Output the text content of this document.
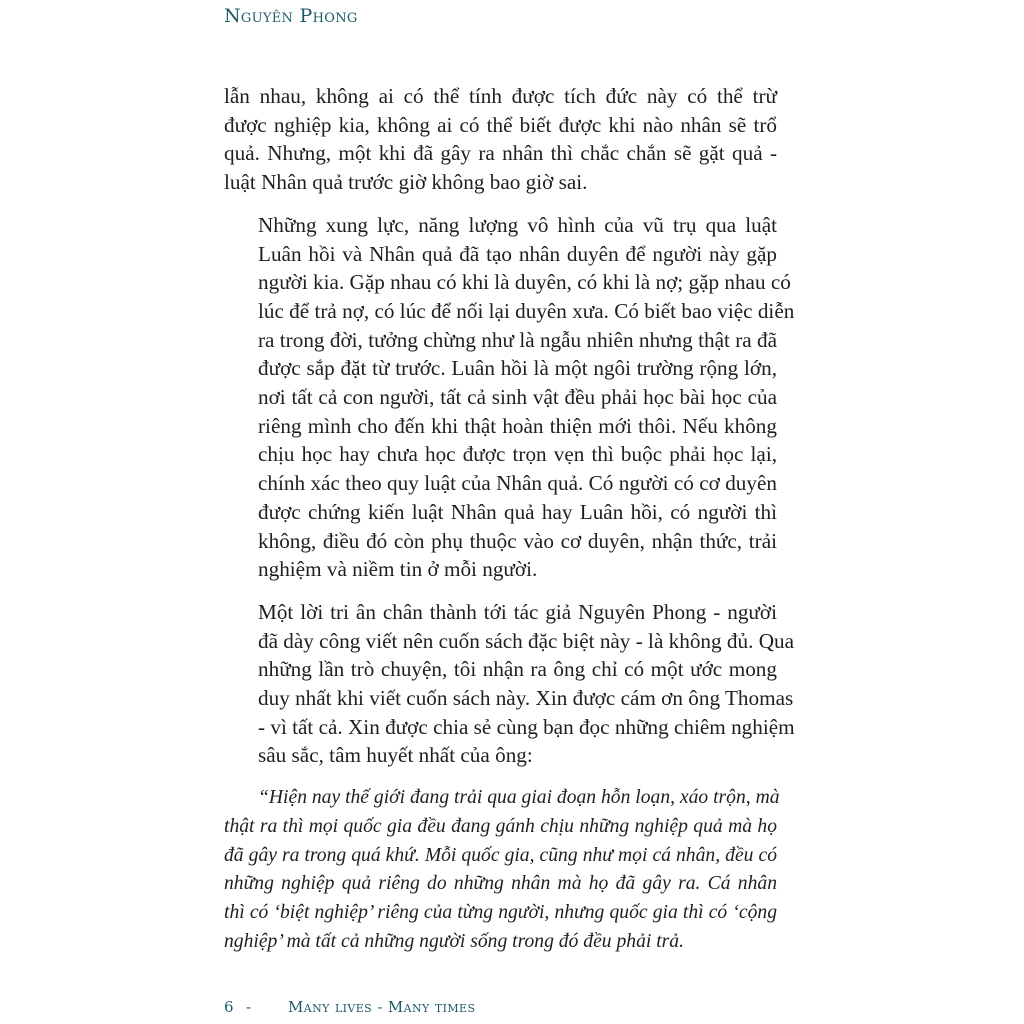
Nguyên Phong

lẫn nhau, không ai có thể tính được tích đức này có thể trừ
được nghiệp kia, không ai có thể biết được khi nào nhân sẽ trổ
quả. Nhưng, một khi đã gây ra nhân thì chắc chắn sẽ gặt quả -
luật Nhân quả trước giờ không bao giờ sai.

Những xung lực, năng lượng vô hình của vũ trụ qua luật
Luân hồi và Nhân quả đã tạo nhân duyên để người này gặp
người kia. Gặp nhau có khi là duyên, có khi là nợ; gặp nhau có
lúc để trả nợ, có lúc để nối lại duyên xưa. Có biết bao việc diễn
ra trong đời, tưởng chừng như là ngẫu nhiên nhưng thật ra đã
được sắp đặt từ trước. Luân hồi là một ngôi trường rộng lớn,
nơi tất cả con người, tất cả sinh vật đều phải học bài học của
riêng mình cho đến khi thật hoàn thiện mới thôi. Nếu không
chịu học hay chưa học được trọn vẹn thì buộc phải học lại,
chính xác theo quy luật của Nhân quả. Có người có cơ duyên
được chứng kiến luật Nhân quả hay Luân hồi, có người thì
không, điều đó còn phụ thuộc vào cơ duyên, nhận thức, trải
nghiệm và niềm tin ở mỗi người.

Một lời tri ân chân thành tới tác giả Nguyên Phong - người
đã dày công viết nên cuốn sách đặc biệt này - là không đủ. Qua
những lần trò chuyện, tôi nhận ra ông chỉ có một ước mong
duy nhất khi viết cuốn sách này. Xin được cám ơn ông Thomas
- vì tất cả. Xin được chia sẻ cùng bạn đọc những chiêm nghiệm
sâu sắc, tâm huyết nhất của ông:

“Hiện nay thế giới đang trải qua giai đoạn hỗn loạn, xáo trộn, mà
thật ra thì mọi quốc gia đều đang gánh chịu những nghiệp quả mà họ
đã gây ra trong quá khứ. Mỗi quốc gia, cũng như mọi cá nhân, đều có
những nghiệp quả riêng do những nhân mà họ đã gây ra. Cá nhân
thì có ‘biệt nghiệp’ riêng của từng người, nhưng quốc gia thì có ‘cộng
nghiệp’ mà tất cả những người sống trong đó đều phải trả.

6 -	Many lives - Many times
